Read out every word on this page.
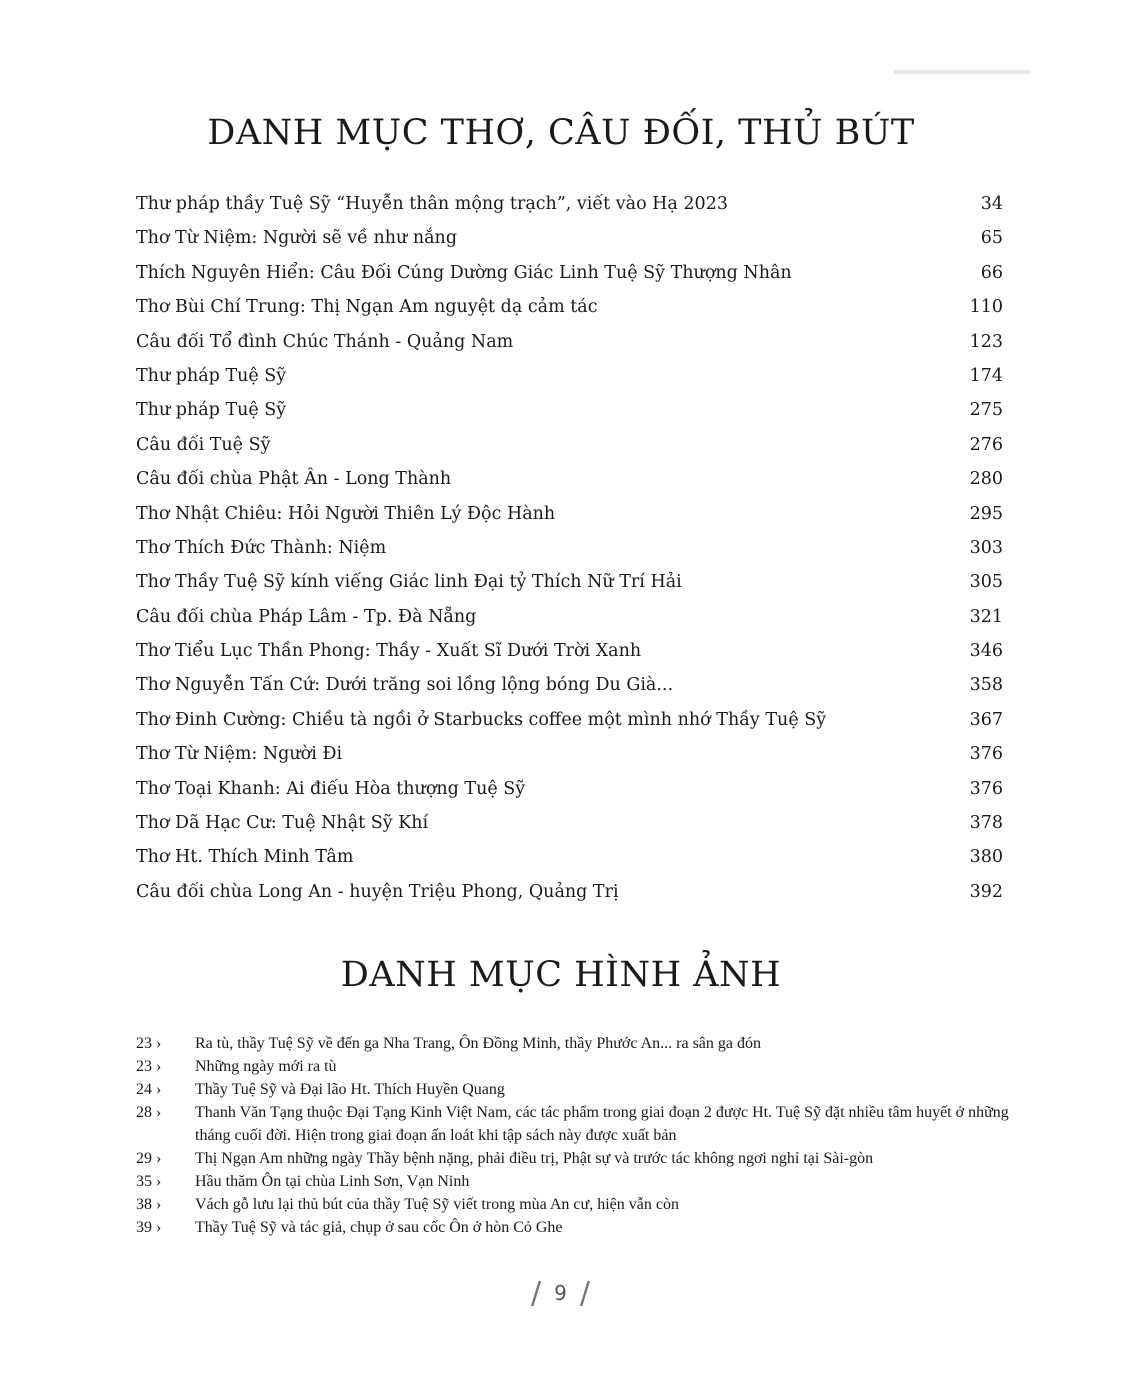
DANH MỤC THƠ, CÂU ĐỐI, THỦ BÚT
Thư pháp thầy Tuệ Sỹ “Huyễn thân mộng trạch”, viết vào Hạ 2023	34
Thơ Từ Niệm: Người sẽ về như nắng	65
Thích Nguyên Hiển: Câu Đối Cúng Dường Giác Linh Tuệ Sỹ Thượng Nhân	66
Thơ Bùi Chí Trung: Thị Ngạn Am nguyệt dạ cảm tác	110
Câu đối Tổ đình Chúc Thánh - Quảng Nam	123
Thư pháp Tuệ Sỹ	174
Thư pháp Tuệ Sỹ	275
Câu đối Tuệ Sỹ	276
Câu đối chùa Phật Ân - Long Thành	280
Thơ Nhật Chiêu: Hỏi Người Thiên Lý Độc Hành	295
Thơ Thích Đức Thành: Niệm	303
Thơ Thầy Tuệ Sỹ kính viếng Giác linh Đại tỷ Thích Nữ Trí Hải	305
Câu đối chùa Pháp Lâm - Tp. Đà Nẵng	321
Thơ Tiểu Lục Thần Phong: Thầy - Xuất Sĩ Dưới Trời Xanh	346
Thơ Nguyễn Tấn Cứ: Dưới trăng soi lồng lộng bóng Du Già...	358
Thơ Đinh Cường: Chiều tà ngồi ở Starbucks coffee một mình nhớ Thầy Tuệ Sỹ	367
Thơ Từ Niệm: Người Đi	376
Thơ Toại Khanh: Ai điếu Hòa thượng Tuệ Sỹ	376
Thơ Dã Hạc Cư: Tuệ Nhật Sỹ Khí	378
Thơ Ht. Thích Minh Tâm	380
Câu đối chùa Long An - huyện Triệu Phong, Quảng Trị	392
DANH MỤC HÌNH ẢNH
23 ›	Ra tù, thầy Tuệ Sỹ về đến ga Nha Trang, Ôn Đồng Minh, thầy Phước An... ra sân ga đón
23 ›	Những ngày mới ra tù
24 ›	Thầy Tuệ Sỹ và Đại lão Ht. Thích Huyền Quang
28 ›	Thanh Văn Tạng thuộc Đại Tạng Kinh Việt Nam, các tác phẩm trong giai đoạn 2 được Ht. Tuệ Sỹ đặt nhiều tâm huyết ở những tháng cuối đời. Hiện trong giai đoạn ấn loát khi tập sách này được xuất bản
29 ›	Thị Ngạn Am những ngày Thầy bệnh nặng, phải điều trị, Phật sự và trước tác không ngơi nghỉ tại Sài-gòn
35 ›	Hầu thăm Ôn tại chùa Linh Sơn, Vạn Ninh
38 ›	Vách gỗ lưu lại thủ bút của thầy Tuệ Sỹ viết trong mùa An cư, hiện vẫn còn
39 ›	Thầy Tuệ Sỹ và tác giả, chụp ở sau cốc Ôn ở hòn Cỏ Ghe
/ 9 /
